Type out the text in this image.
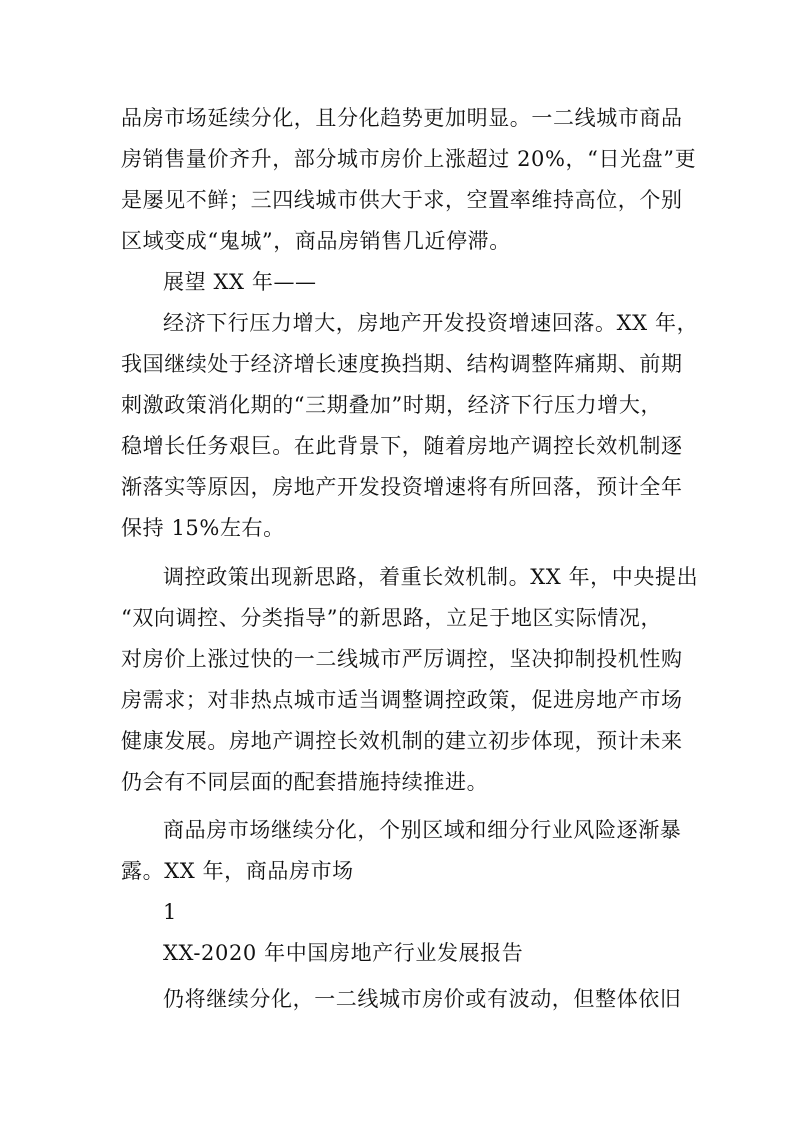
品房市场延续分化，且分化趋势更加明显。一二线城市商品
房销售量价齐升，部分城市房价上涨超过 20%，“日光盘”更
是屡见不鲜；三四线城市供大于求，空置率维持高位，个别
区域变成“鬼城”，商品房销售几近停滞。
展望 XX 年——
经济下行压力增大，房地产开发投资增速回落。XX 年，
我国继续处于经济增长速度换挡期、结构调整阵痛期、前期
刺激政策消化期的“三期叠加”时期，经济下行压力增大，
稳增长任务艰巨。在此背景下，随着房地产调控长效机制逐
渐落实等原因，房地产开发投资增速将有所回落，预计全年
保持 15%左右。
调控政策出现新思路，着重长效机制。XX 年，中央提出
“双向调控、分类指导”的新思路，立足于地区实际情况，
对房价上涨过快的一二线城市严厉调控，坚决抑制投机性购
房需求；对非热点城市适当调整调控政策，促进房地产市场
健康发展。房地产调控长效机制的建立初步体现，预计未来
仍会有不同层面的配套措施持续推进。
商品房市场继续分化，个别区域和细分行业风险逐渐暴
露。XX 年，商品房市场
1
XX-2020 年中国房地产行业发展报告
仍将继续分化，一二线城市房价或有波动，但整体依旧
